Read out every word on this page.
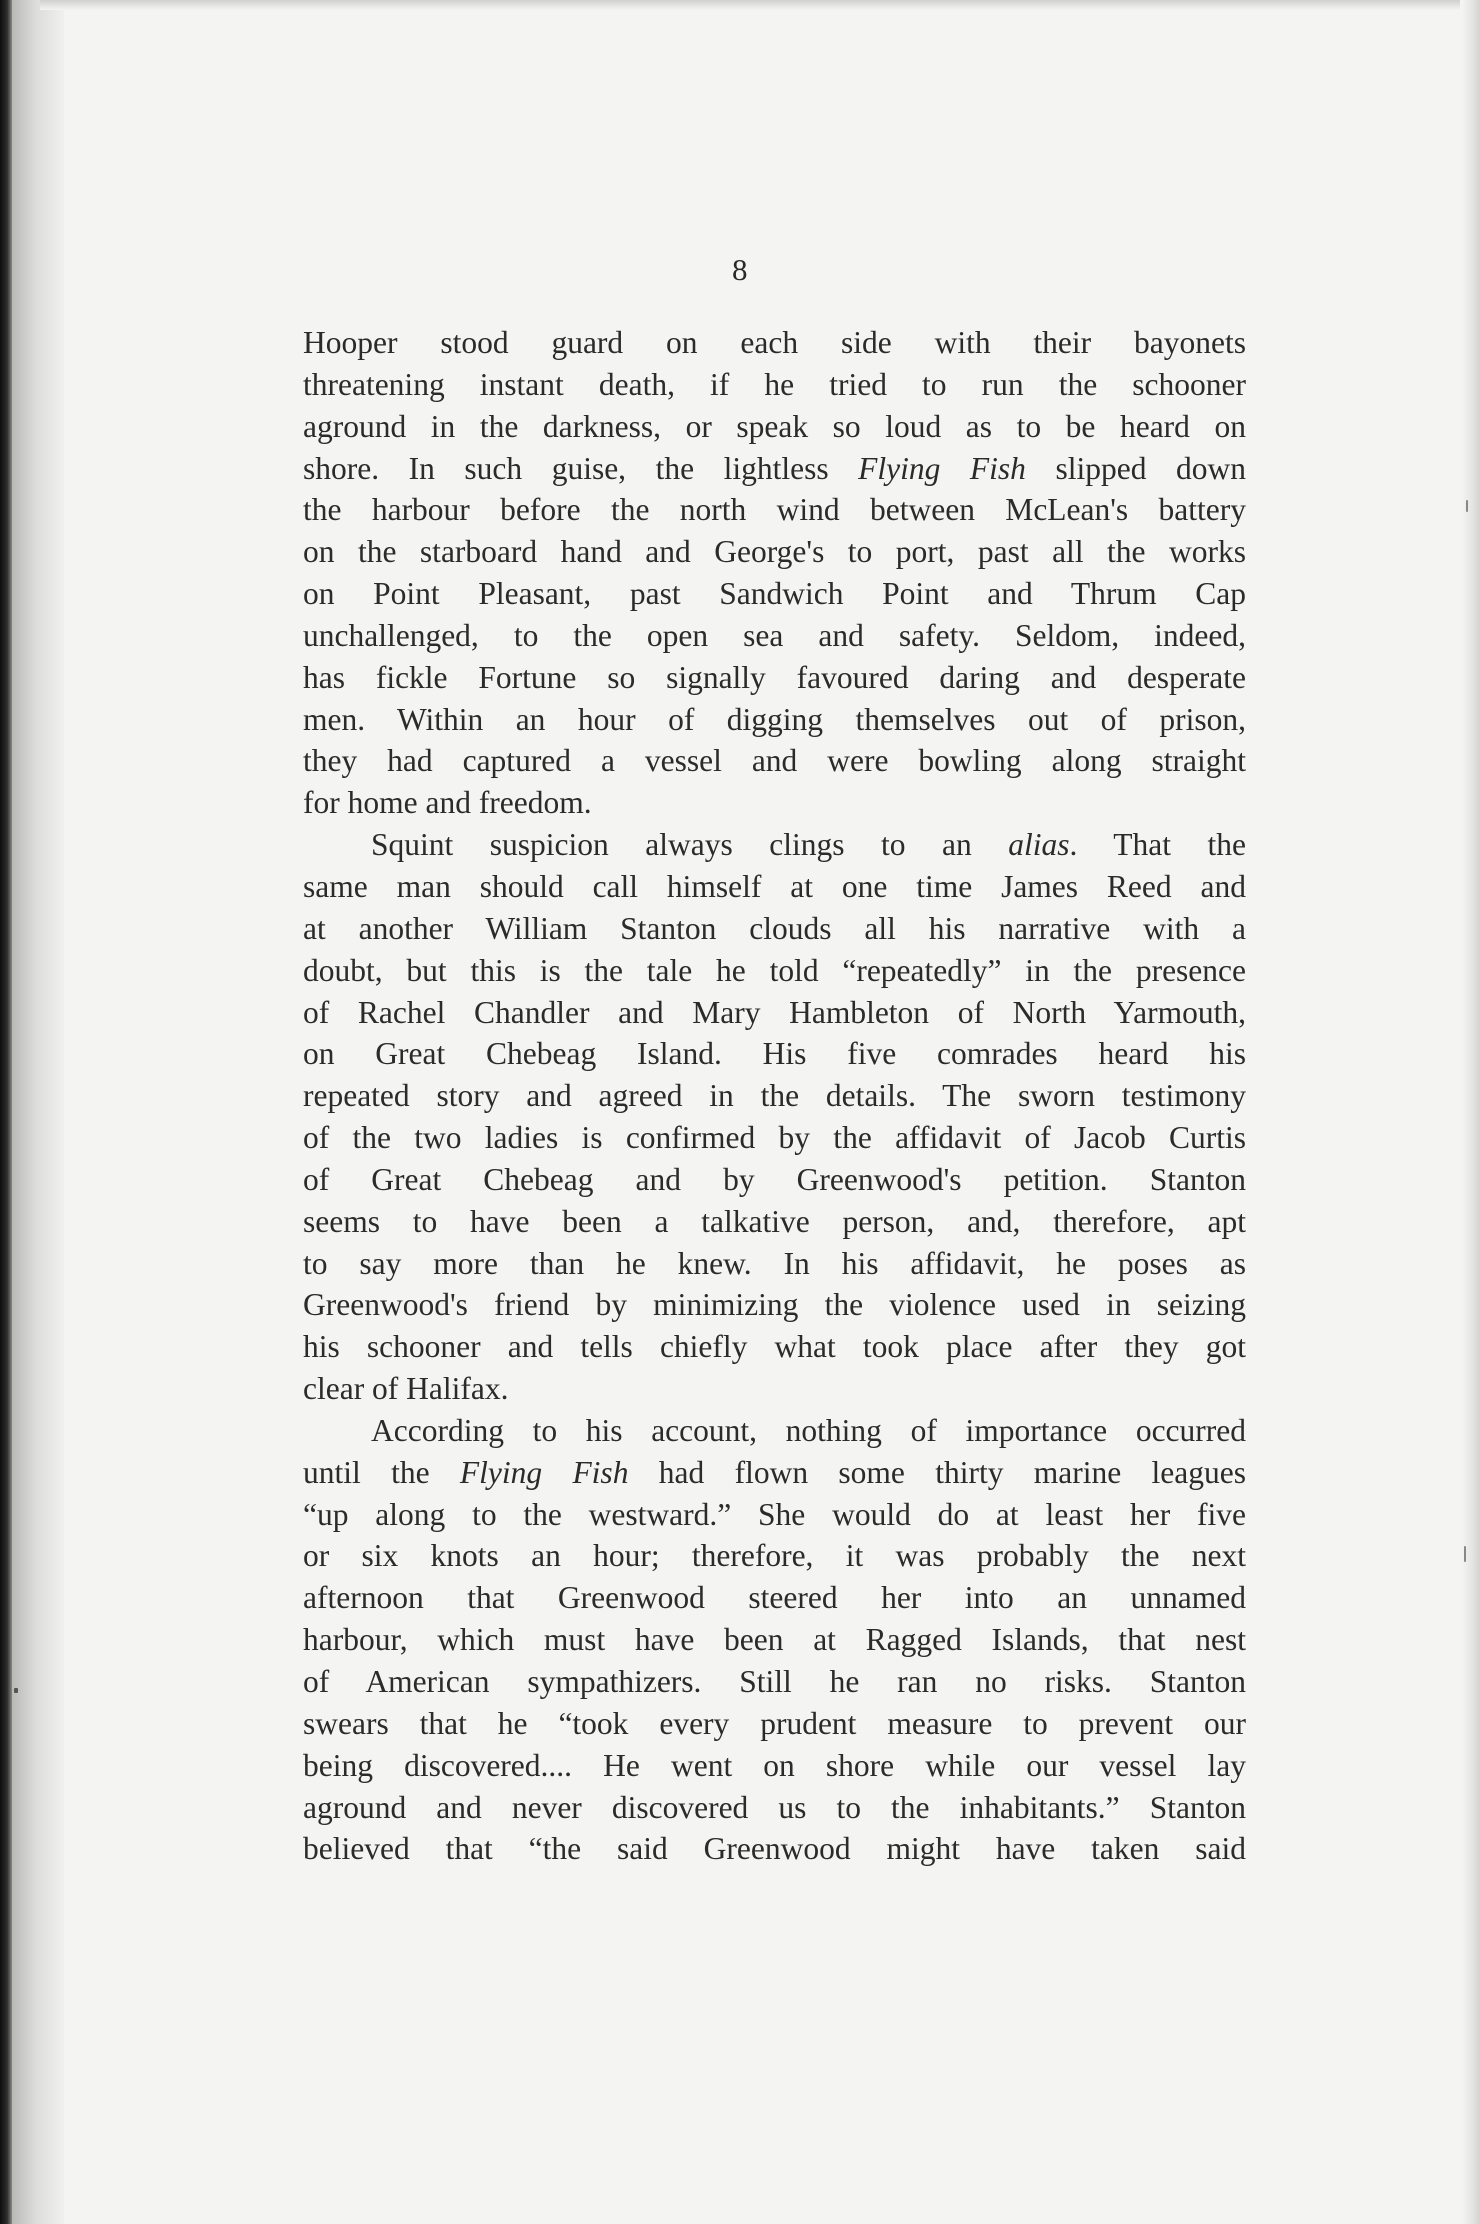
8
Hooper stood guard on each side with their bayonets
threatening instant death, if he tried to run the schooner
aground in the darkness, or speak so loud as to be heard on
shore. In such guise, the lightless Flying Fish slipped down
the harbour before the north wind between McLean's battery
on the starboard hand and George's to port, past all the works
on Point Pleasant, past Sandwich Point and Thrum Cap
unchallenged, to the open sea and safety. Seldom, indeed,
has fickle Fortune so signally favoured daring and desperate
men. Within an hour of digging themselves out of prison,
they had captured a vessel and were bowling along straight
for home and freedom.
Squint suspicion always clings to an alias. That the
same man should call himself at one time James Reed and
at another William Stanton clouds all his narrative with a
doubt, but this is the tale he told “repeatedly” in the presence
of Rachel Chandler and Mary Hambleton of North Yarmouth,
on Great Chebeag Island. His five comrades heard his
repeated story and agreed in the details. The sworn testimony
of the two ladies is confirmed by the affidavit of Jacob Curtis
of Great Chebeag and by Greenwood's petition. Stanton
seems to have been a talkative person, and, therefore, apt
to say more than he knew. In his affidavit, he poses as
Greenwood's friend by minimizing the violence used in seizing
his schooner and tells chiefly what took place after they got
clear of Halifax.
According to his account, nothing of importance occurred
until the Flying Fish had flown some thirty marine leagues
“up along to the westward.” She would do at least her five
or six knots an hour; therefore, it was probably the next
afternoon that Greenwood steered her into an unnamed
harbour, which must have been at Ragged Islands, that nest
of American sympathizers. Still he ran no risks. Stanton
swears that he “took every prudent measure to prevent our
being discovered.... He went on shore while our vessel lay
aground and never discovered us to the inhabitants.” Stanton
believed that “the said Greenwood might have taken said
